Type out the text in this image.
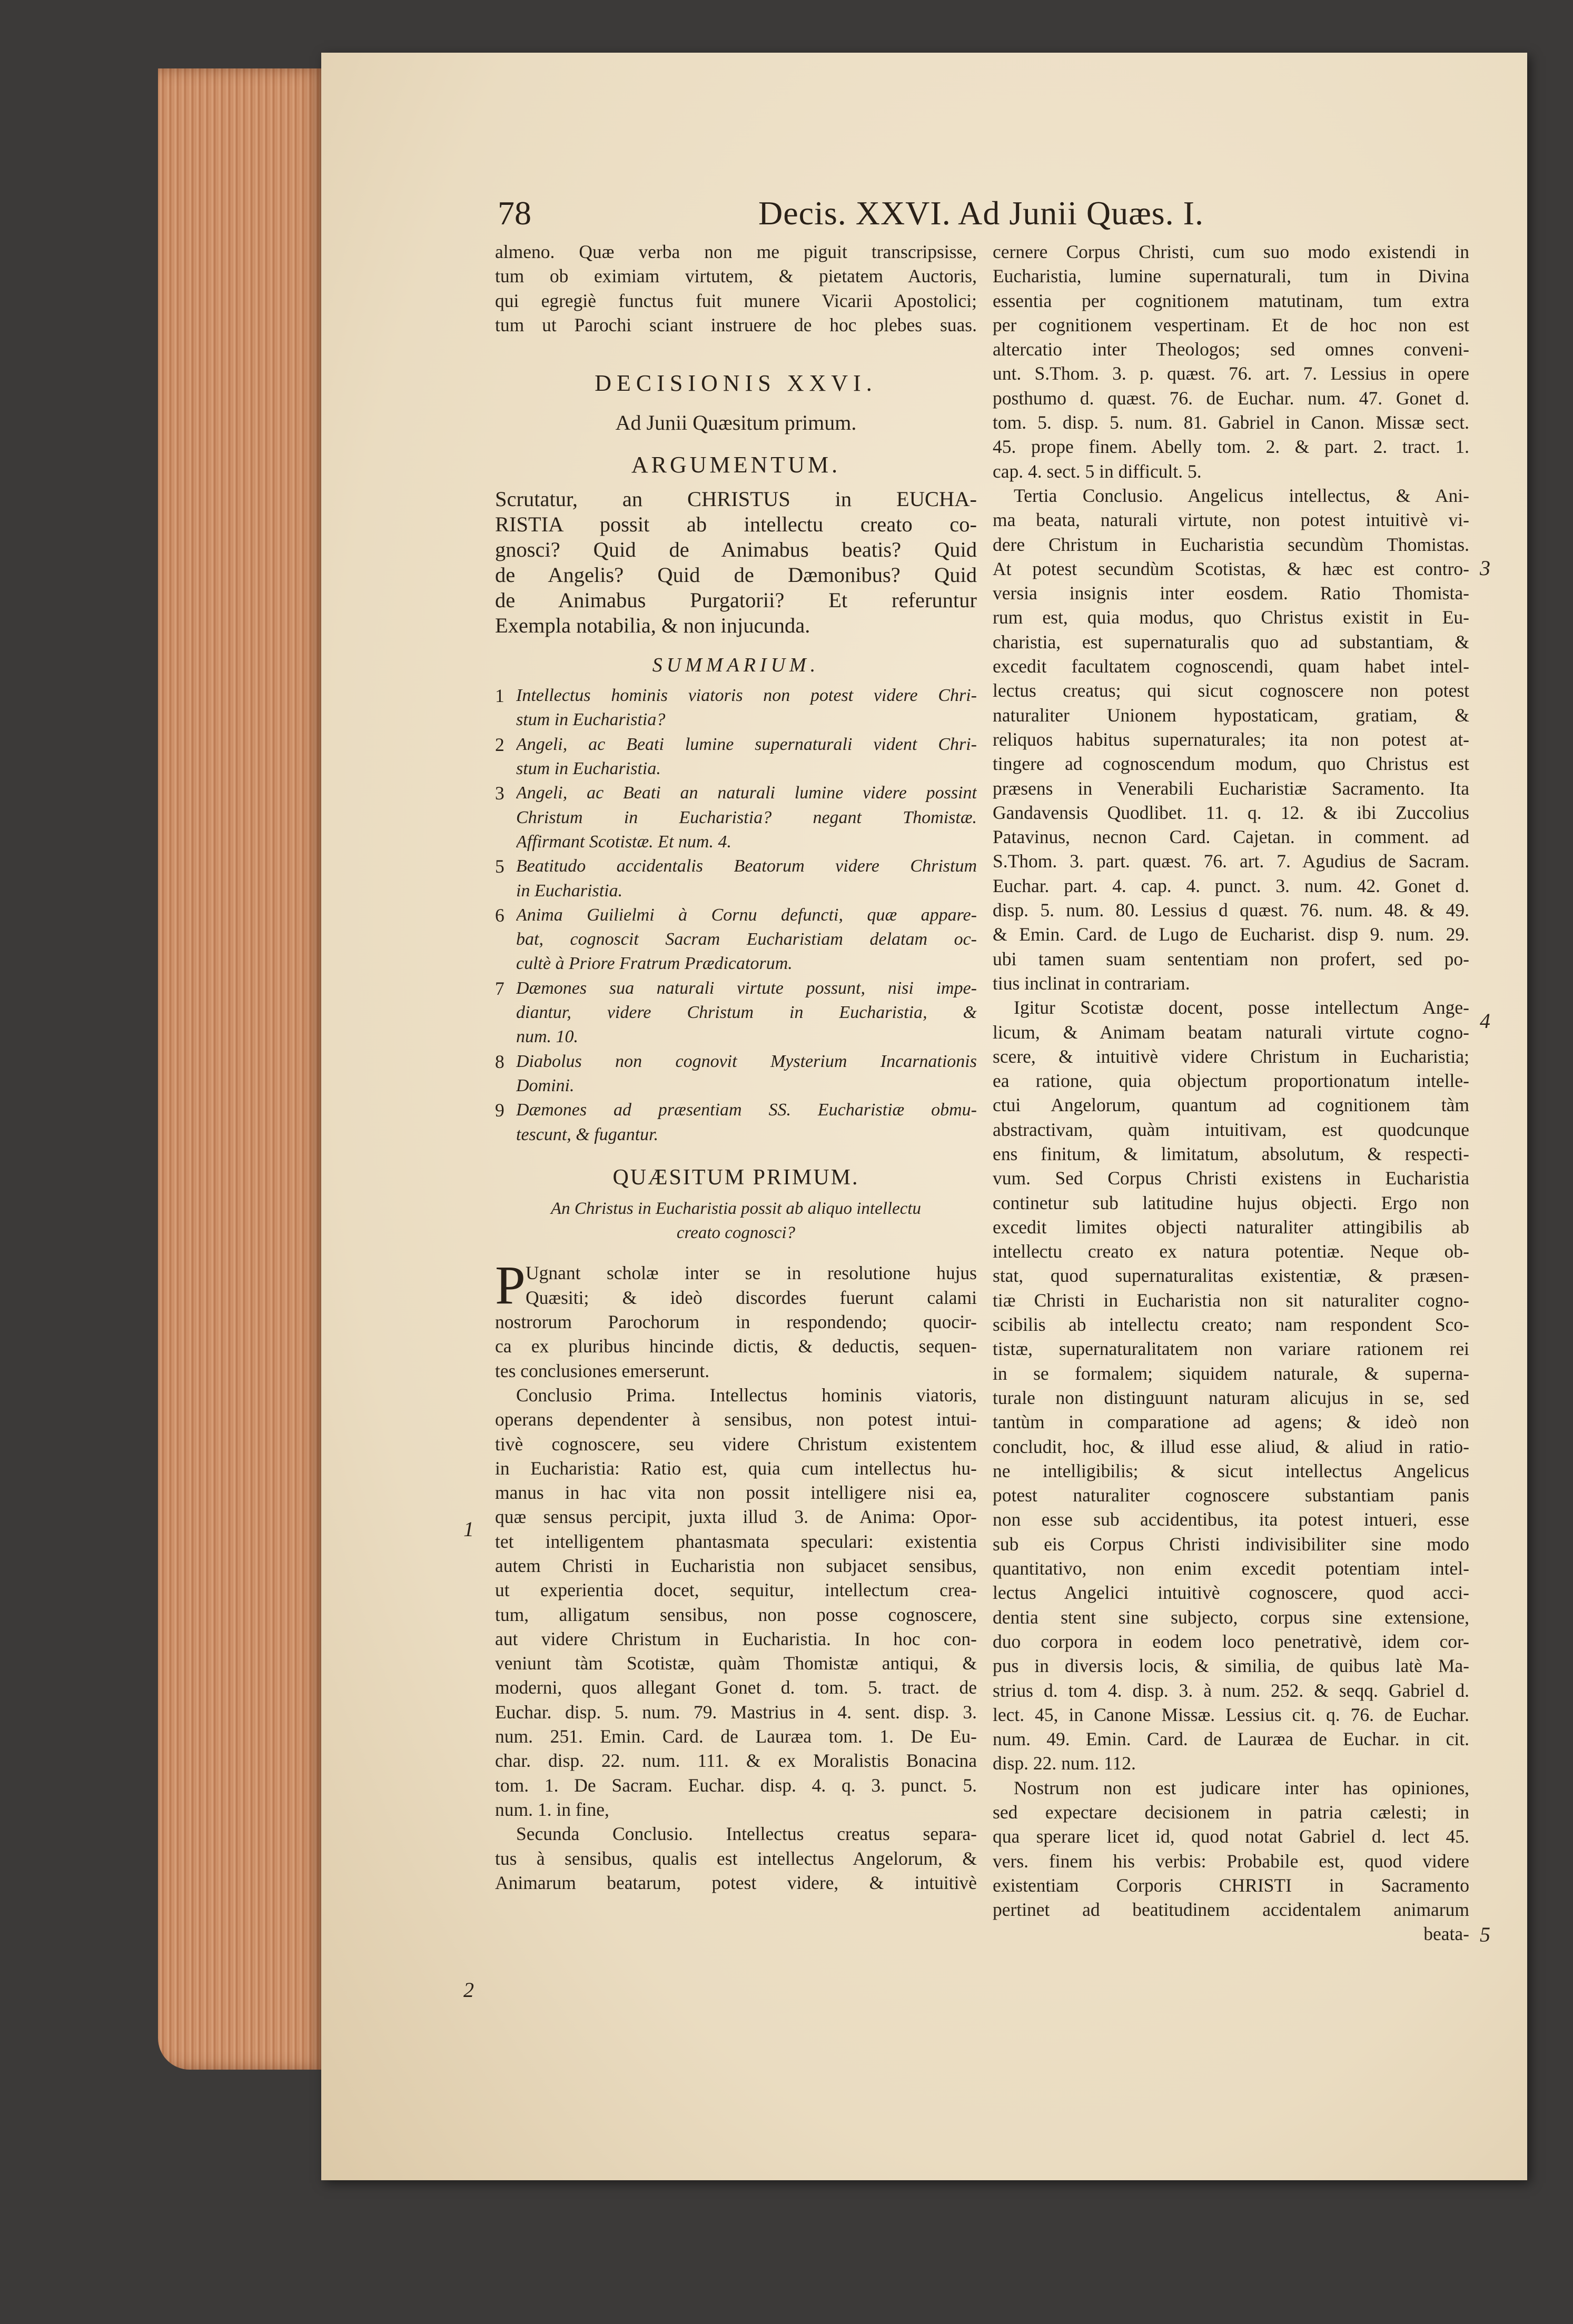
78	Decis. XXVI. Ad Junii Quæs. I.
almeno. Quæ verba non me piguit transcripsisse,
tum ob eximiam virtutem, & pietatem Auctoris,
qui egregiè functus fuit munere Vicarii Apostolici;
tum ut Parochi sciant instruere de hoc plebes suas.
DECISIONIS XXVI.
Ad Junii Quæsitum primum.
ARGUMENTUM.
Scrutatur, an CHRISTUS in EUCHA-
RISTIA possit ab intellectu creato co-
gnosci? Quid de Animabus beatis? Quid
de Angelis? Quid de Dæmonibus? Quid
de Animabus Purgatorii? Et referuntur
Exempla notabilia, & non injucunda.
SUMMARIUM.
1 Intellectus hominis viatoris non potest videre Chri-
stum in Eucharistia?
2 Angeli, ac Beati lumine supernaturali vident Chri-
stum in Eucharistia.
3 Angeli, ac Beati an naturali lumine videre possint
Christum in Eucharistia? negant Thomistæ.
Affirmant Scotistæ. Et num. 4.
5 Beatitudo accidentalis Beatorum videre Christum
in Eucharistia.
6 Anima Guilielmi à Cornu defuncti, quæ appare-
bat, cognoscit Sacram Eucharistiam delatam oc-
cultè à Priore Fratrum Prædicatorum.
7 Dæmones sua naturali virtute possunt, nisi impe-
diantur, videre Christum in Eucharistia, &
num. 10.
8 Diabolus non cognovit Mysterium Incarnationis
Domini.
9 Dæmones ad præsentiam SS. Eucharistiæ obmu-
tescunt, & fugantur.
QUÆSITUM PRIMUM.
An Christus in Eucharistia possit ab aliquo intellectu
creato cognosci?
P Ugnant scholæ inter se in resolutione hujus
Quæsiti; & ideò discordes fuerunt calami
nostrorum Parochorum in respondendo; quocir-
ca ex pluribus hincinde dictis, & deductis, sequen-
tes conclusiones emerserunt.
Conclusio Prima. Intellectus hominis viatoris,
operans dependenter à sensibus, non potest intui-
tivè cognoscere, seu videre Christum existentem
in Eucharistia: Ratio est, quia cum intellectus hu-
manus in hac vita non possit intelligere nisi ea,
quæ sensus percipit, juxta illud 3. de Anima: Opor-
tet intelligentem phantasmata speculari: existentia
autem Christi in Eucharistia non subjacet sensibus,
ut experientia docet, sequitur, intellectum crea-
tum, alligatum sensibus, non posse cognoscere,
aut videre Christum in Eucharistia. In hoc con-
veniunt tàm Scotistæ, quàm Thomistæ antiqui, &
moderni, quos allegant Gonet d. tom. 5. tract. de
Euchar. disp. 5. num. 79. Mastrius in 4. sent. disp. 3.
num. 251. Emin. Card. de Lauræa tom. 1. De Eu-
char. disp. 22. num. 111. & ex Moralistis Bonacina
tom. 1. De Sacram. Euchar. disp. 4. q. 3. punct. 5.
num. 1. in fine,
Secunda Conclusio. Intellectus creatus separa-
tus à sensibus, qualis est intellectus Angelorum, &
Animarum beatarum, potest videre, & intuitivè
1
2
cernere Corpus Christi, cum suo modo existendi in
Eucharistia, lumine supernaturali, tum in Divina
essentia per cognitionem matutinam, tum extra
per cognitionem vespertinam. Et de hoc non est
altercatio inter Theologos; sed omnes conveni-
unt. S.Thom. 3. p. quæst. 76. art. 7. Lessius in opere
posthumo d. quæst. 76. de Euchar. num. 47. Gonet d.
tom. 5. disp. 5. num. 81. Gabriel in Canon. Missæ sect.
45. prope finem. Abelly tom. 2. & part. 2. tract. 1.
cap. 4. sect. 5 in difficult. 5.
Tertia Conclusio. Angelicus intellectus, & Ani-
ma beata, naturali virtute, non potest intuitivè vi-
dere Christum in Eucharistia secundùm Thomistas.
At potest secundùm Scotistas, & hæc est contro-
versia insignis inter eosdem. Ratio Thomista-
rum est, quia modus, quo Christus existit in Eu-
charistia, est supernaturalis quo ad substantiam, &
excedit facultatem cognoscendi, quam habet intel-
lectus creatus; qui sicut cognoscere non potest
naturaliter Unionem hypostaticam, gratiam, &
reliquos habitus supernaturales; ita non potest at-
tingere ad cognoscendum modum, quo Christus est
præsens in Venerabili Eucharistiæ Sacramento. Ita
Gandavensis Quodlibet. 11. q. 12. & ibi Zuccolius
Patavinus, necnon Card. Cajetan. in comment. ad
S.Thom. 3. part. quæst. 76. art. 7. Agudius de Sacram.
Euchar. part. 4. cap. 4. punct. 3. num. 42. Gonet d.
disp. 5. num. 80. Lessius d quæst. 76. num. 48. & 49.
& Emin. Card. de Lugo de Eucharist. disp 9. num. 29.
ubi tamen suam sententiam non profert, sed po-
tius inclinat in contrariam.
Igitur Scotistæ docent, posse intellectum Ange-
licum, & Animam beatam naturali virtute cogno-
scere, & intuitivè videre Christum in Eucharistia;
ea ratione, quia objectum proportionatum intelle-
ctui Angelorum, quantum ad cognitionem tàm
abstractivam, quàm intuitivam, est quodcunque
ens finitum, & limitatum, absolutum, & respecti-
vum. Sed Corpus Christi existens in Eucharistia
continetur sub latitudine hujus objecti. Ergo non
excedit limites objecti naturaliter attingibilis ab
intellectu creato ex natura potentiæ. Neque ob-
stat, quod supernaturalitas existentiæ, & præsen-
tiæ Christi in Eucharistia non sit naturaliter cogno-
scibilis ab intellectu creato; nam respondent Sco-
tistæ, supernaturalitatem non variare rationem rei
in se formalem; siquidem naturale, & superna-
turale non distinguunt naturam alicujus in se, sed
tantùm in comparatione ad agens; & ideò non
concludit, hoc, & illud esse aliud, & aliud in ratio-
ne intelligibilis; & sicut intellectus Angelicus
potest naturaliter cognoscere substantiam panis
non esse sub accidentibus, ita potest intueri, esse
sub eis Corpus Christi indivisibiliter sine modo
quantitativo, non enim excedit potentiam intel-
lectus Angelici intuitivè cognoscere, quod acci-
dentia stent sine subjecto, corpus sine extensione,
duo corpora in eodem loco penetrativè, idem cor-
pus in diversis locis, & similia, de quibus latè Ma-
strius d. tom 4. disp. 3. à num. 252. & seqq. Gabriel d.
lect. 45, in Canone Missæ. Lessius cit. q. 76. de Euchar.
num. 49. Emin. Card. de Lauræa de Euchar. in cit.
disp. 22. num. 112.
Nostrum non est judicare inter has opiniones,
sed expectare decisionem in patria cælesti; in
qua sperare licet id, quod notat Gabriel d. lect 45.
vers. finem his verbis: Probabile est, quod videre
existentiam Corporis CHRISTI in Sacramento
pertinet ad beatitudinem accidentalem animarum
beata-
3
4
5
